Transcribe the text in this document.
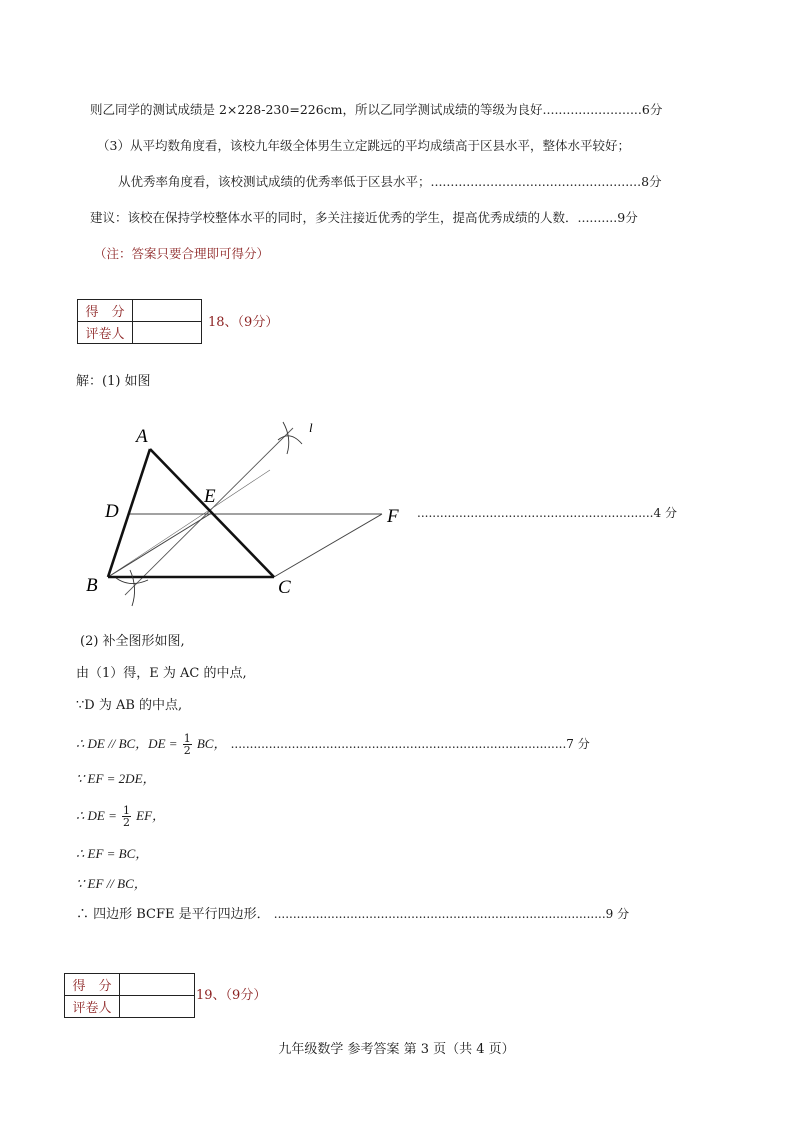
则乙同学的测试成绩是 2×228-230=226cm，所以乙同学测试成绩的等级为良好.........................6分
（3）从平均数角度看，该校九年级全体男生立定跳远的平均成绩高于区县水平，整体水平较好；
从优秀率角度看，该校测试成绩的优秀率低于区县水平；.....................................................8分
建议：该校在保持学校整体水平的同时，多关注接近优秀的学生，提高优秀成绩的人数．..........9分
（注：答案只要合理即可得分）
得　分	
评卷人	
18、（9分）
解：(1) 如图
A
D
E
F
B	C
l
..............................................................4 分
(2) 补全图形如图,
由（1）得，E 为 AC 的中点,
∵D 为 AB 的中点,
∴ DE // BC，DE = $\frac{1}{2}$ BC， ........................................................................................7 分
∵ EF = 2DE，
∴ DE = $\frac{1}{2}$ EF，
∴ EF = BC，
∵ EF // BC，
∴ 四边形 BCFE 是平行四边形． .......................................................................................9 分
得　分	
评卷人	
19、（9分）
九年级数学 参考答案 第 3 页（共 4 页）
